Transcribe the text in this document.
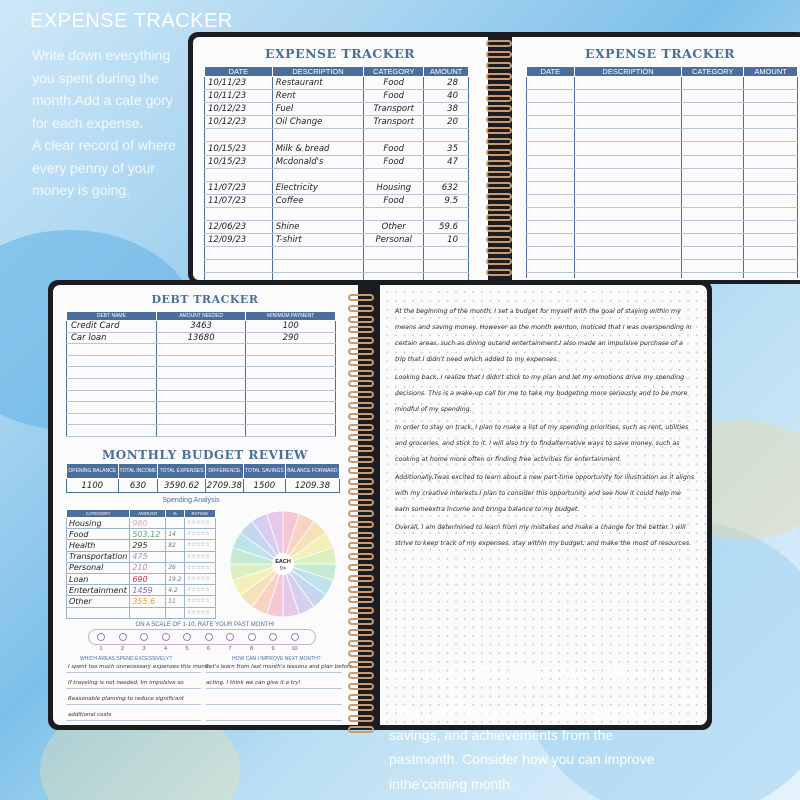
EXPENSE TRACKER
Write down everything
you spent during the
month.Add a cate gory
for each expense.
A clear record of where
every penny of your
money is going.
EXPENSE TRACKER
DATE	DESCRIPTION	CATEGORY	AMOUNT
10/11/23	Restaurant	Food	28
10/11/23	Rent	Food	40
10/12/23	Fuel	Transport	38
10/12/23	Oil Change	Transport	20

10/15/23	Milk & bread	Food	35
10/15/23	Mcdonald's	Food	47

11/07/23	Electricity	Housing	632
11/07/23	Coffee	Food	9.5

12/06/23	Shine	Other	59.6
12/09/23	T-shirt	Personal	10

EXPENSE TRACKER
DATE	DESCRIPTION	CATEGORY	AMOUNT

DEBT TRACKER
DEBT NAME	AMOUNT NEEDED	MINIMUM PAYMENT
Credit Card	3463	100
Car loan	13680	290

MONTHLY BUDGET REVIEW
OPENING BALANCE	TOTAL INCOME	TOTAL EXPENSES	DIFFERENCE	TOTAL SAVINGS	BALANCE FORWARD
1100	630	3590.62	2709.38	1500	1209.38
Spending Analysis
CATEGORY	AMOUNT	%	RATING
Housing	980		☆☆☆☆☆
Food	503.12	14	☆☆☆☆☆
Health	295	82	☆☆☆☆☆
Transportation	475		☆☆☆☆☆
Personal	210	26	☆☆☆☆☆
Loan	690	19.2	☆☆☆☆☆
Entertainment	1459	4.2	☆☆☆☆☆
Other	355.6	11	☆☆☆☆☆
			☆☆☆☆☆
EACH
5%
ON A SCALE OF 1-10, RATE YOUR PAST MONTH!
1	2	3	4	5	6	7	8	9	10
WHICH AREAS SPEND EXCESSIVELY?	HOW CAN I IMPROVE NEXT MONTH?
I spent too much unnecessary expenses this month
If traveling is not needed, Im impulsive so
Reasonable planning to reduce significant
additional costs
Let's learn from last month's lessons and plan before
acting. I think we can give it a try!

At the beginning of the month, I set a budget for myself with the goal of staying within my means and saving money. However as the month wenton, Inoticed that I was overspending in certain areas, such as dining outand entertainment.I also made an impulsive purchase of a trip that I didn't need which added to my expenses.

Looking back, I realize that I didn't stick to my plan and let my emotions drive my spending decisions. This is a wake-up call for me to take my budgeting more seriously and to be more mindful of my spending.

In order to stay on track, I plan to make a list of my spending priorities, such as rent, utilities and groceries, and stick to it. I will also try to findalternative ways to save money, such as cooking at home more often or finding free activities for entertainment.

Additionally,Twas excited to learn about a new part-time opportunity for illustration as it aligns with my creative interests.I plan to consider this opportunity and see how it could help me earn someextra income and bringa balance to my budget.

Overall, I am determined to learn from my mistakes and make a change for the better. I will strive to keep track of my expenses, stay within my budget, and make the most of resources.

REFLECT ON THE PAST MONTH
Take a look back at your income,spending,
savings, and achievements from the
pastmonth. Consider how you can improve
inthe'coming month.
